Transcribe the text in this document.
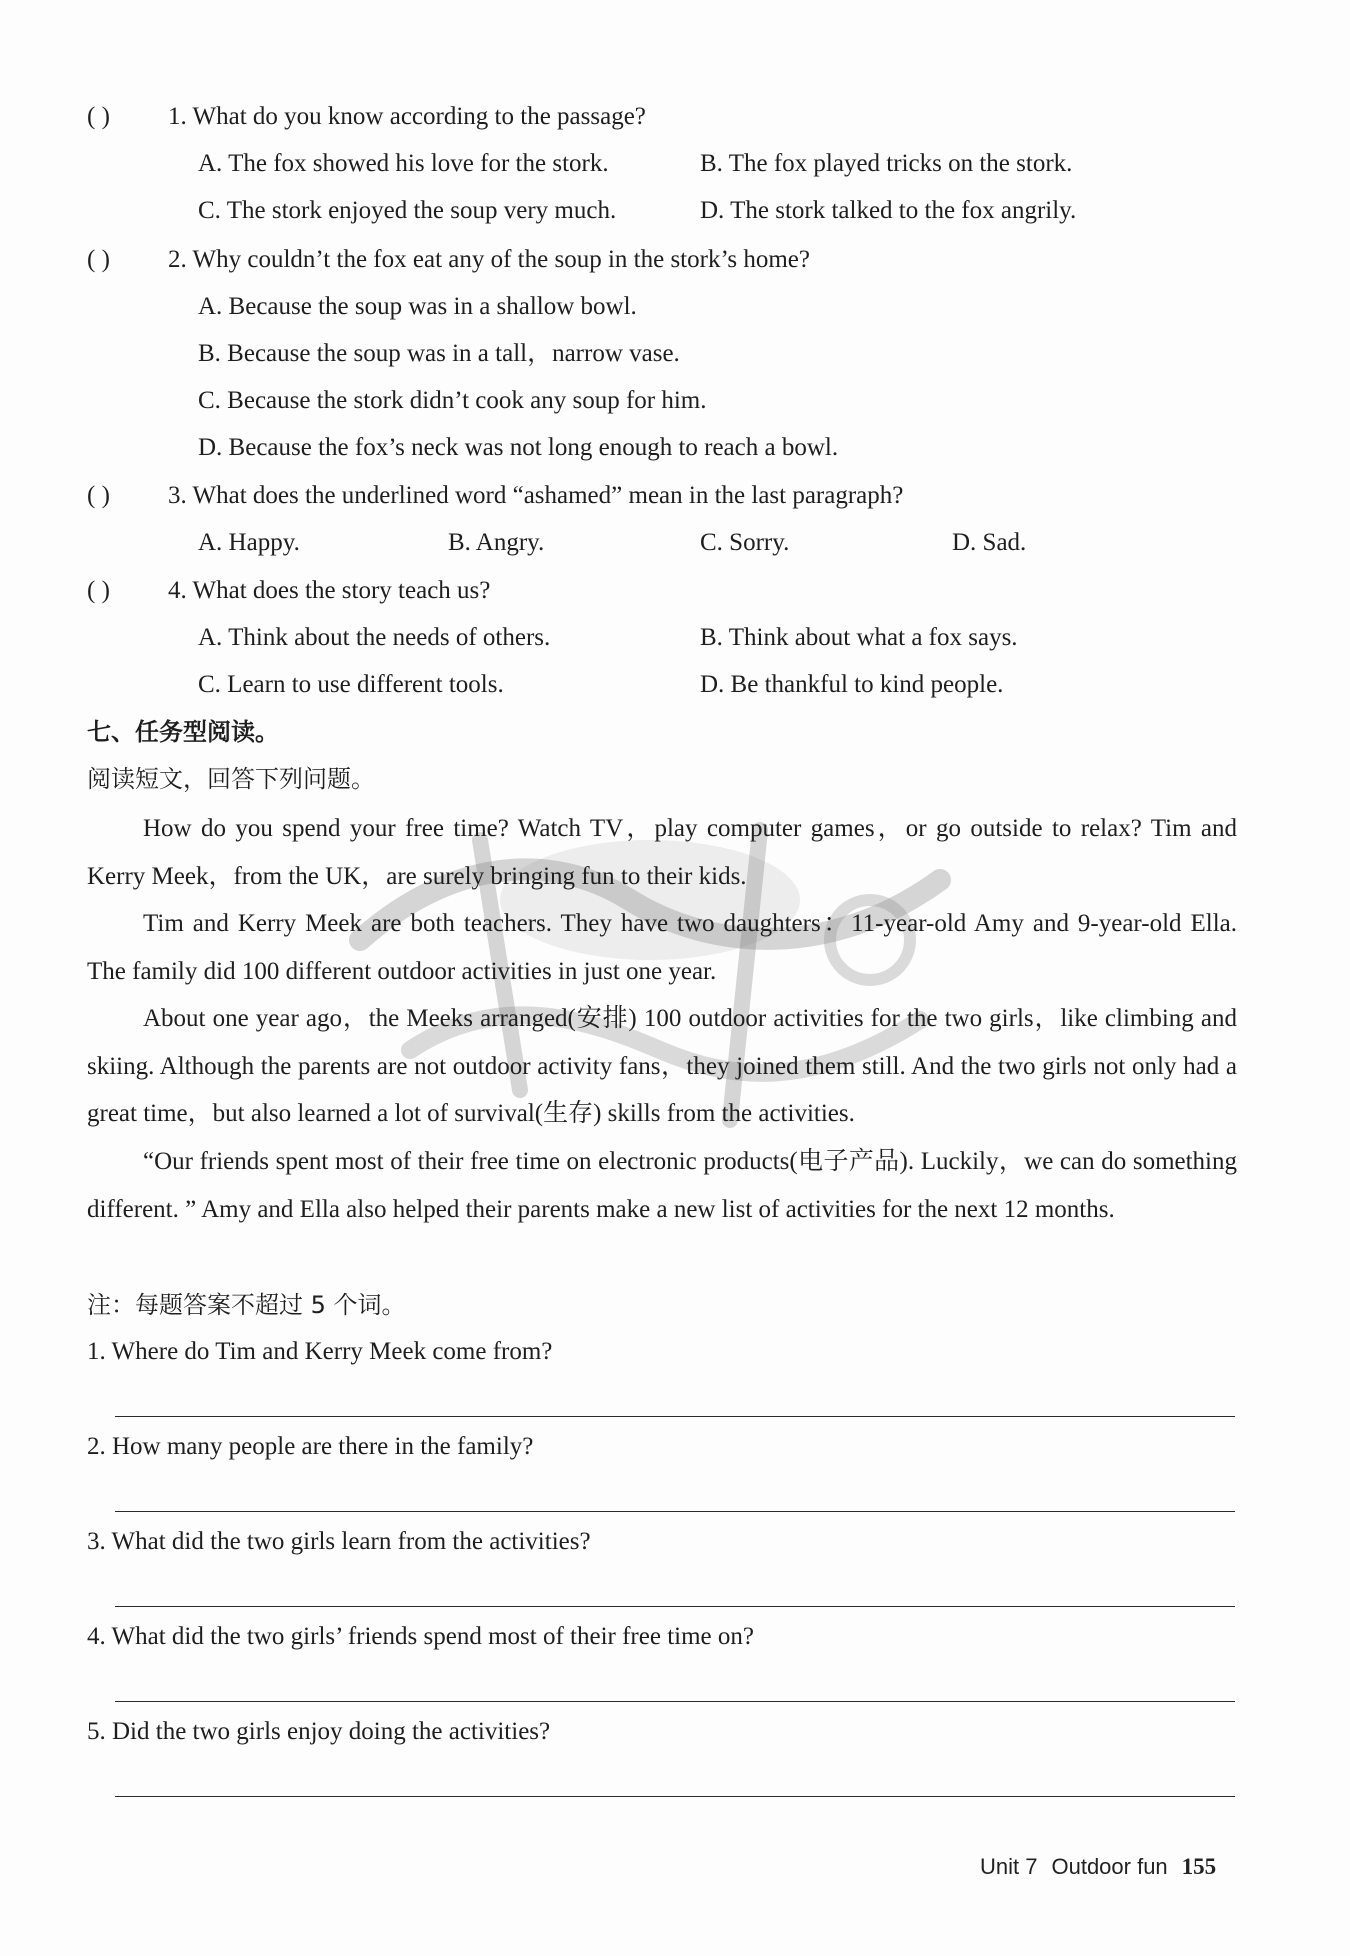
( ) 1. What do you know according to the passage?
A. The fox showed his love for the stork.	B. The fox played tricks on the stork.
C. The stork enjoyed the soup very much.	D. The stork talked to the fox angrily.
( ) 2. Why couldn’t the fox eat any of the soup in the stork’s home?
A. Because the soup was in a shallow bowl.
B. Because the soup was in a tall，narrow vase.
C. Because the stork didn’t cook any soup for him.
D. Because the fox’s neck was not long enough to reach a bowl.
( ) 3. What does the underlined word “ashamed” mean in the last paragraph?
A. Happy.	B. Angry.	C. Sorry.	D. Sad.
( ) 4. What does the story teach us?
A. Think about the needs of others.	B. Think about what a fox says.
C. Learn to use different tools.	D. Be thankful to kind people.
七、任务型阅读。
阅读短文，回答下列问题。
How do you spend your free time? Watch TV，play computer games，or go outside to relax? Tim and Kerry Meek，from the UK，are surely bringing fun to their kids.
Tim and Kerry Meek are both teachers. They have two daughters：11-year-old Amy and 9-year-old Ella. The family did 100 different outdoor activities in just one year.
About one year ago，the Meeks arranged(安排) 100 outdoor activities for the two girls，like climbing and skiing. Although the parents are not outdoor activity fans，they joined them still. And the two girls not only had a great time，but also learned a lot of survival(生存) skills from the activities.
“Our friends spent most of their free time on electronic products(电子产品). Luckily，we can do something different. ” Amy and Ella also helped their parents make a new list of activities for the next 12 months.
注：每题答案不超过 5 个词。
1. Where do Tim and Kerry Meek come from?
2. How many people are there in the family?
3. What did the two girls learn from the activities?
4. What did the two girls’ friends spend most of their free time on?
5. Did the two girls enjoy doing the activities?
Unit 7 Outdoor fun 155
